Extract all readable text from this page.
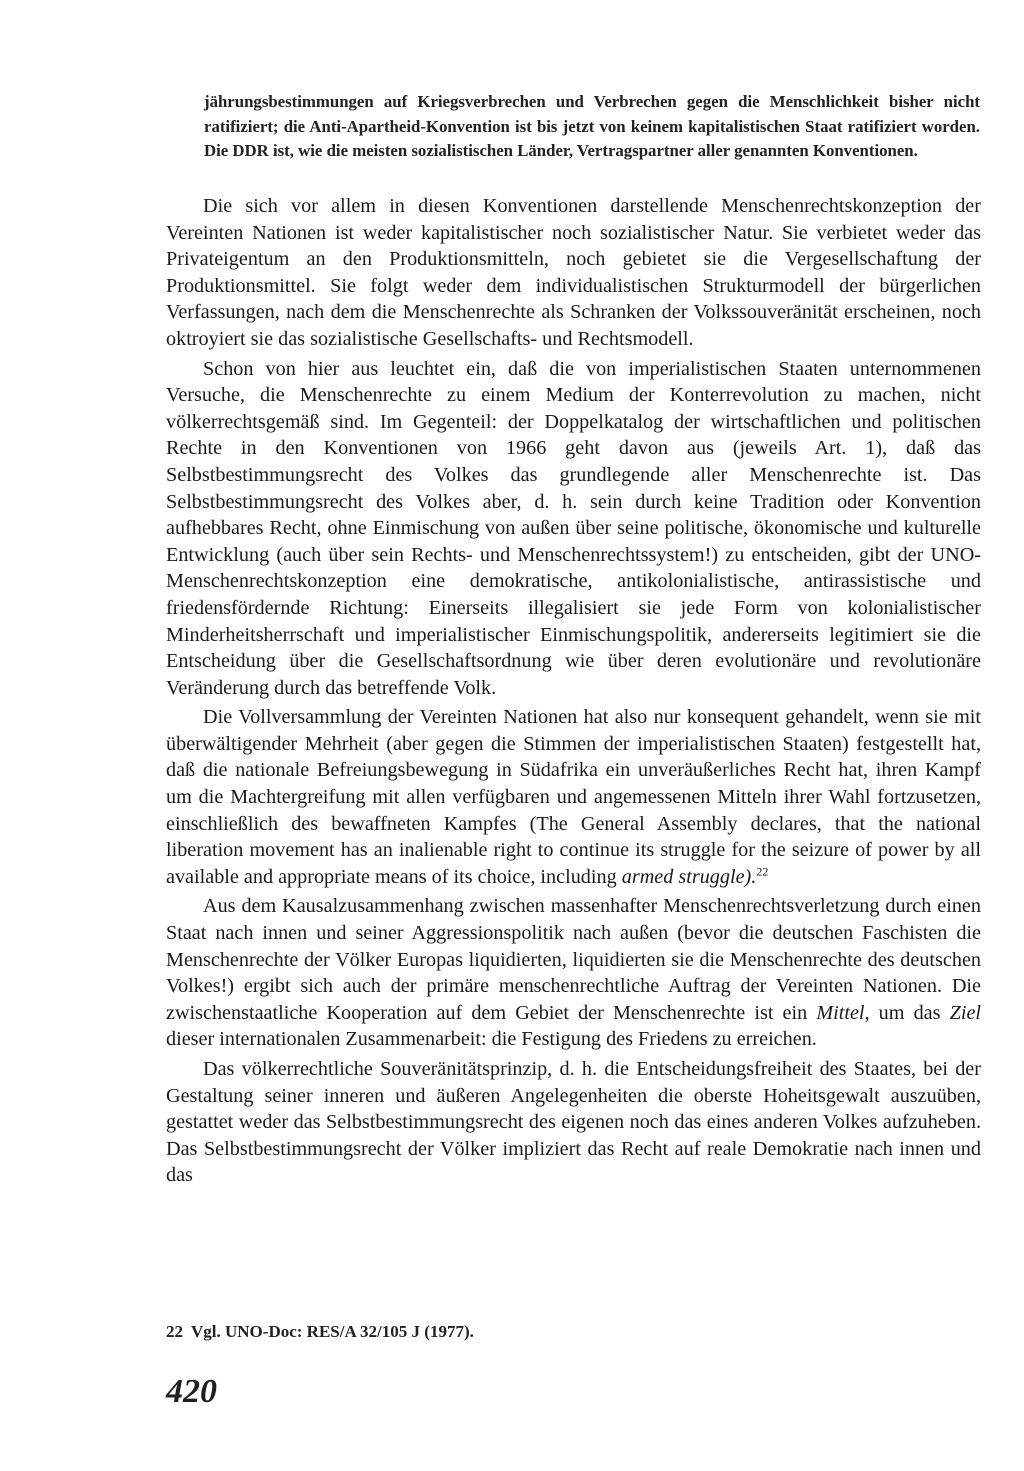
jährungsbestimmungen auf Kriegsverbrechen und Verbrechen gegen die Menschlichkeit bisher nicht ratifiziert; die Anti-Apartheid-Konvention ist bis jetzt von keinem kapitalistischen Staat ratifiziert worden. Die DDR ist, wie die meisten sozialistischen Länder, Vertragspartner aller genannten Konventionen.

Die sich vor allem in diesen Konventionen darstellende Menschenrechtskonzeption der Vereinten Nationen ist weder kapitalistischer noch sozialistischer Natur. Sie verbietet weder das Privateigentum an den Produktionsmitteln, noch gebietet sie die Vergesellschaftung der Produktionsmittel. Sie folgt weder dem individualistischen Strukturmodell der bürgerlichen Verfassungen, nach dem die Menschenrechte als Schranken der Volkssouveränität erscheinen, noch oktroyiert sie das sozialistische Gesellschafts- und Rechtsmodell.

Schon von hier aus leuchtet ein, daß die von imperialistischen Staaten unternommenen Versuche, die Menschenrechte zu einem Medium der Konterrevolution zu machen, nicht völkerrechtsgemäß sind. Im Gegenteil: der Doppelkatalog der wirtschaftlichen und politischen Rechte in den Konventionen von 1966 geht davon aus (jeweils Art. 1), daß das Selbstbestimmungsrecht des Volkes das grundlegende aller Menschenrechte ist. Das Selbstbestimmungsrecht des Volkes aber, d. h. sein durch keine Tradition oder Konvention aufhebbares Recht, ohne Einmischung von außen über seine politische, ökonomische und kulturelle Entwicklung (auch über sein Rechts- und Menschenrechtssystem!) zu entscheiden, gibt der UNO-Menschenrechtskonzeption eine demokratische, antikolonialistische, antirassistische und friedensfördernde Richtung: Einerseits illegalisiert sie jede Form von kolonialistischer Minderheitsherrschaft und imperialistischer Einmischungspolitik, andererseits legitimiert sie die Entscheidung über die Gesellschaftsordnung wie über deren evolutionäre und revolutionäre Veränderung durch das betreffende Volk.

Die Vollversammlung der Vereinten Nationen hat also nur konsequent gehandelt, wenn sie mit überwältigender Mehrheit (aber gegen die Stimmen der imperialistischen Staaten) festgestellt hat, daß die nationale Befreiungsbewegung in Südafrika ein unveräußerliches Recht hat, ihren Kampf um die Machtergreifung mit allen verfügbaren und angemessenen Mitteln ihrer Wahl fortzusetzen, einschließlich des bewaffneten Kampfes (The General Assembly declares, that the national liberation movement has an inalienable right to continue its struggle for the seizure of power by all available and appropriate means of its choice, including armed struggle).$^{22}$

Aus dem Kausalzusammenhang zwischen massenhafter Menschenrechtsverletzung durch einen Staat nach innen und seiner Aggressionspolitik nach außen (bevor die deutschen Faschisten die Menschenrechte der Völker Europas liquidierten, liquidierten sie die Menschenrechte des deutschen Volkes!) ergibt sich auch der primäre menschenrechtliche Auftrag der Vereinten Nationen. Die zwischenstaatliche Kooperation auf dem Gebiet der Menschenrechte ist ein Mittel, um das Ziel dieser internationalen Zusammenarbeit: die Festigung des Friedens zu erreichen.

Das völkerrechtliche Souveränitätsprinzip, d. h. die Entscheidungsfreiheit des Staates, bei der Gestaltung seiner inneren und äußeren Angelegenheiten die oberste Hoheitsgewalt auszuüben, gestattet weder das Selbstbestimmungsrecht des eigenen noch das eines anderen Volkes aufzuheben. Das Selbstbestimmungsrecht der Völker impliziert das Recht auf reale Demokratie nach innen und das

22 Vgl. UNO-Doc: RES/A 32/105 J (1977).
420
